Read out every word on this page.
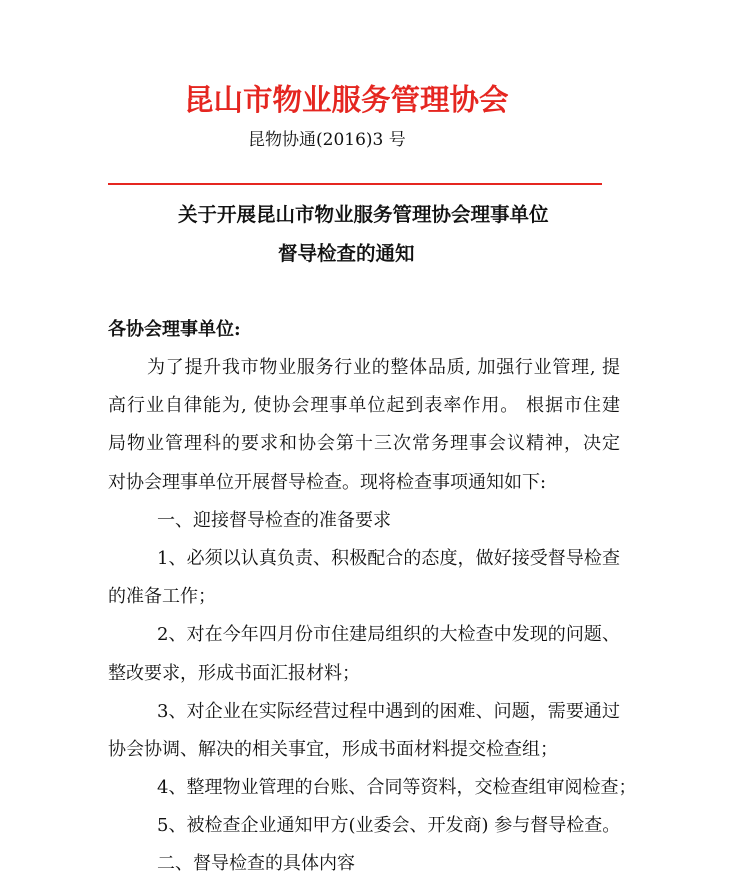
昆山市物业服务管理协会
昆物协通(2016)3 号
关于开展昆山市物业服务管理协会理事单位
督导检查的通知
各协会理事单位:
为了提升我市物业服务行业的整体品质, 加强行业管理, 提
高行业自律能为, 使协会理事单位起到表率作用。 根据市住建
局物业管理科的要求和协会第十三次常务理事会议精神，决定
对协会理事单位开展督导检查。现将检查事项通知如下:
一、迎接督导检查的准备要求
1、必须以认真负责、积极配合的态度，做好接受督导检查
的准备工作；
2、对在今年四月份市住建局组织的大检查中发现的问题、
整改要求，形成书面汇报材料；
3、对企业在实际经营过程中遇到的困难、问题，需要通过
协会协调、解决的相关事宜，形成书面材料提交检查组；
4、整理物业管理的台账、合同等资料，交检查组审阅检查；
5、被检查企业通知甲方(业委会、开发商) 参与督导检查。
二、督导检查的具体内容
